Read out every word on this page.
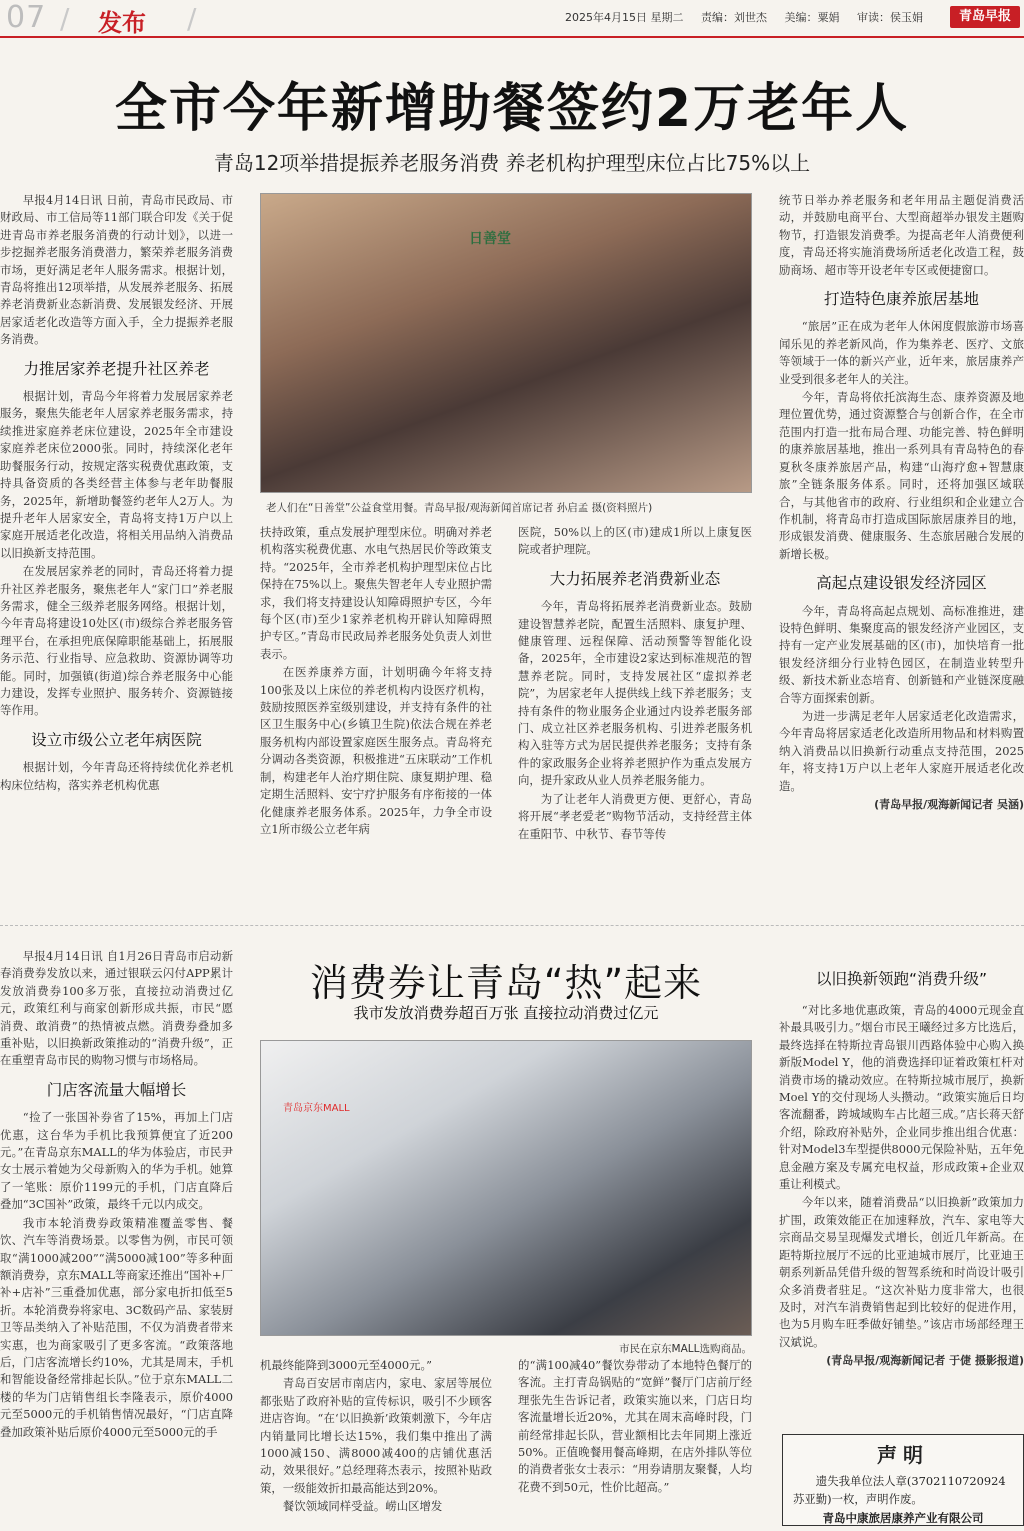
07 / 发布 /	2025年4月15日 星期二 责编：刘世杰 美编：粟娟 审读：侯玉娟	青岛早报
全市今年新增助餐签约2万老年人
青岛12项举措提振养老服务消费 养老机构护理型床位占比75%以上

早报4月14日讯 日前，青岛市民政局、市财政局、市工信局等11部门联合印发《关于促进青岛市养老服务消费的行动计划》，以进一步挖掘养老服务消费潜力，繁荣养老服务消费市场，更好满足老年人服务需求。根据计划，青岛将推出12项举措，从发展养老服务、拓展养老消费新业态新消费、发展银发经济、开展居家适老化改造等方面入手，全力提振养老服务消费。

力推居家养老提升社区养老

根据计划，青岛今年将着力发展居家养老服务，聚焦失能老年人居家养老服务需求，持续推进家庭养老床位建设，2025年全市建设家庭养老床位2000张。同时，持续深化老年助餐服务行动，按规定落实税费优惠政策，支持具备资质的各类经营主体参与老年助餐服务，2025年，新增助餐签约老年人2万人。为提升老年人居家安全，青岛将支持1万户以上家庭开展适老化改造，将相关用品纳入消费品以旧换新支持范围。

在发展居家养老的同时，青岛还将着力提升社区养老服务，聚焦老年人“家门口”养老服务需求，健全三级养老服务网络。根据计划，今年青岛将建设10处区(市)级综合养老服务管理平台，在承担兜底保障职能基础上，拓展服务示范、行业指导、应急救助、资源协调等功能。同时，加强镇(街道)综合养老服务中心能力建设，发挥专业照护、服务转介、资源链接等作用。

设立市级公立老年病医院

根据计划，今年青岛还将持续优化养老机构床位结构，落实养老机构优惠

日善堂
老人们在“日善堂”公益食堂用餐。青岛早报/观海新闻首席记者 孙启孟 摄(资料照片)

扶持政策，重点发展护理型床位。明确对养老机构落实税费优惠、水电气热居民价等政策支持。“2025年，全市养老机构护理型床位占比保持在75%以上。聚焦失智老年人专业照护需求，我们将支持建设认知障碍照护专区，今年每个区(市)至少1家养老机构开辟认知障碍照护专区。”青岛市民政局养老服务处负责人刘世表示。

在医养康养方面，计划明确今年将支持100张及以上床位的养老机构内设医疗机构，鼓励按照医养室级别建设，并支持有条件的社区卫生服务中心(乡镇卫生院)依法合规在养老服务机构内部设置家庭医生服务点。青岛将充分调动各类资源，积极推进“五床联动”工作机制，构建老年人治疗期住院、康复期护理、稳定期生活照料、安宁疗护服务有序衔接的一体化健康养老服务体系。2025年，力争全市设立1所市级公立老年病

医院，50%以上的区(市)建成1所以上康复医院或者护理院。

大力拓展养老消费新业态

今年，青岛将拓展养老消费新业态。鼓励建设智慧养老院，配置生活照料、康复护理、健康管理、远程保障、活动预警等智能化设备，2025年，全市建设2家达到标准规范的智慧养老院。同时，支持发展社区“虚拟养老院”，为居家老年人提供线上线下养老服务；支持有条件的物业服务企业通过内设养老服务部门、成立社区养老服务机构、引进养老服务机构入驻等方式为居民提供养老服务；支持有条件的家政服务企业将养老照护作为重点发展方向，提升家政从业人员养老服务能力。

为了让老年人消费更方便、更舒心，青岛将开展“孝老爱老”购物节活动，支持经营主体在重阳节、中秋节、春节等传

统节日举办养老服务和老年用品主题促消费活动，并鼓励电商平台、大型商超举办银发主题购物节，打造银发消费季。为提高老年人消费便利度，青岛还将实施消费场所适老化改造工程，鼓励商场、超市等开设老年专区或便捷窗口。

打造特色康养旅居基地

“旅居”正在成为老年人休闲度假旅游市场喜闻乐见的养老新风尚，作为集养老、医疗、文旅等领域于一体的新兴产业，近年来，旅居康养产业受到很多老年人的关注。

今年，青岛将依托滨海生态、康养资源及地理位置优势，通过资源整合与创新合作，在全市范围内打造一批布局合理、功能完善、特色鲜明的康养旅居基地，推出一系列具有青岛特色的春夏秋冬康养旅居产品，构建“山海疗愈+智慧康旅”全链条服务体系。同时，还将加强区域联合，与其他省市的政府、行业组织和企业建立合作机制，将青岛市打造成国际旅居康养目的地，形成银发消费、健康服务、生态旅居融合发展的新增长极。

高起点建设银发经济园区

今年，青岛将高起点规划、高标准推进，建设特色鲜明、集聚度高的银发经济产业园区，支持有一定产业发展基础的区(市)，加快培育一批银发经济细分行业特色园区，在制造业转型升级、新技术新业态培育、创新链和产业链深度融合等方面探索创新。

为进一步满足老年人居家适老化改造需求，今年青岛将居家适老化改造所用物品和材料购置纳入消费品以旧换新行动重点支持范围，2025年，将支持1万户以上老年人家庭开展适老化改造。

(青岛早报/观海新闻记者 吴涵)

早报4月14日讯 自1月26日青岛市启动新春消费券发放以来，通过银联云闪付APP累计发放消费券100多万张，直接拉动消费过亿元，政策红利与商家创新形成共振，市民“愿消费、敢消费”的热情被点燃。消费券叠加多重补贴，以旧换新政策推动的“消费升级”，正在重塑青岛市民的购物习惯与市场格局。

门店客流量大幅增长

“捡了一张国补券省了15%，再加上门店优惠，这台华为手机比我预算便宜了近200元。”在青岛京东MALL的华为体验店，市民尹女士展示着她为父母新购入的华为手机。她算了一笔账：原价1199元的手机，门店直降后叠加“3C国补”政策，最终千元以内成交。

我市本轮消费券政策精准覆盖零售、餐饮、汽车等消费场景。以零售为例，市民可领取“满1000减200”“满5000减100”等多种面额消费券，京东MALL等商家还推出“国补+厂补+店补”三重叠加优惠，部分家电折扣低至5折。本轮消费券将家电、3C数码产品、家装厨卫等品类纳入了补贴范围，不仅为消费者带来实惠，也为商家吸引了更多客流。“政策落地后，门店客流增长约10%，尤其是周末，手机和智能设备经常排起长队。”位于京东MALL二楼的华为门店销售组长李隆表示，原价4000元至5000元的手机销售情况最好，“门店直降叠加政策补贴后原价4000元至5000元的手

消费券让青岛“热”起来
我市发放消费券超百万张 直接拉动消费过亿元
青岛京东MALL
市民在京东MALL选购商品。

机最终能降到3000元至4000元。”

青岛百安居市南店内，家电、家居等展位都张贴了政府补贴的宣传标识，吸引不少顾客进店咨询。“在‘以旧换新’政策刺激下，今年店内销量同比增长达15%，我们集中推出了满1000减150、满8000减400的店铺优惠活动，效果很好。”总经理蒋杰表示，按照补贴政策，一级能效折扣最高能达到20%。

餐饮领域同样受益。崂山区增发

的“满100减40”餐饮券带动了本地特色餐厅的客流。主打青岛锅贴的“宽鲜”餐厅门店前厅经理张先生告诉记者，政策实施以来，门店日均客流量增长近20%，尤其在周末高峰时段，门前经常排起长队，营业额相比去年同期上涨近50%。正值晚餐用餐高峰期，在店外排队等位的消费者张女士表示：“用券请朋友聚餐，人均花费不到50元，性价比超高。”

以旧换新领跑“消费升级”

“对比多地优惠政策，青岛的4000元现金直补最具吸引力。”烟台市民王曦经过多方比选后，最终选择在特斯拉青岛银川西路体验中心购入换新版Model Y，他的消费选择印证着政策杠杆对消费市场的撬动效应。在特斯拉城市展厅，换新Moel Y的交付现场人头攒动。“政策实施后日均客流翻番，跨城域购车占比超三成。”店长蒋天舒介绍，除政府补贴外，企业同步推出组合优惠：针对Model3车型提供8000元保险补贴，五年免息金融方案及专属充电权益，形成政策+企业双重让利模式。

今年以来，随着消费品“以旧换新”政策加力扩围，政策效能正在加速释放，汽车、家电等大宗商品交易呈现爆发式增长，创近几年新高。在距特斯拉展厅不远的比亚迪城市展厅，比亚迪王朝系列新品凭借升级的智驾系统和时尚设计吸引众多消费者驻足。“这次补贴力度非常大，也很及时，对汽车消费销售起到比较好的促进作用，也为5月购车旺季做好铺垫。”该店市场部经理王汉斌说。

(青岛早报/观海新闻记者 于倢 摄影报道)

声明
遗失我单位法人章(3702110720924苏亚勤)一枚，声明作废。
青岛中康旅居康养产业有限公司
